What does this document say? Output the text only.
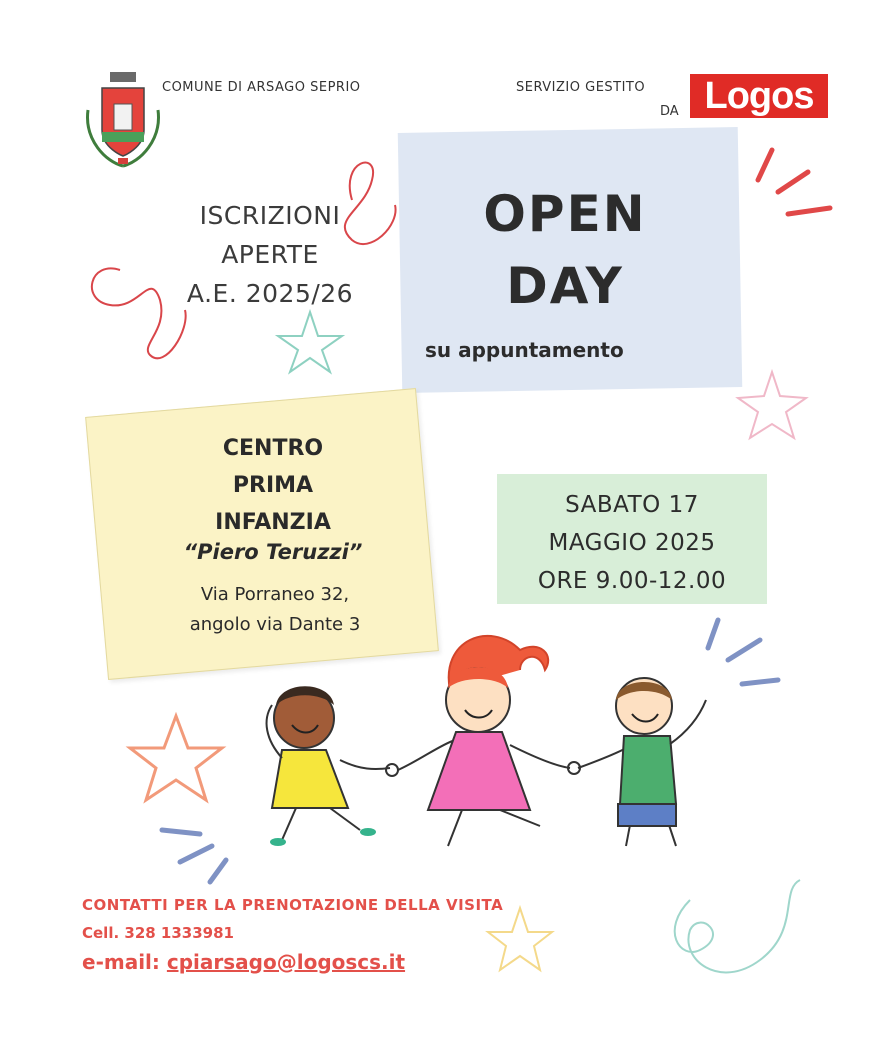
COMUNE DI ARSAGO SEPRIO	SERVIZIO GESTITO
DA Logos
ISCRIZIONI
APERTE
A.E. 2025/26
OPEN
DAY
su appuntamento
CENTRO
PRIMA
INFANZIA
“Piero Teruzzi”
Via Porraneo 32,
angolo via Dante 3
SABATO 17
MAGGIO 2025
ORE 9.00-12.00
CONTATTI PER LA PRENOTAZIONE DELLA VISITA
Cell. 328 1333981
e-mail: cpiarsago@logoscs.it
